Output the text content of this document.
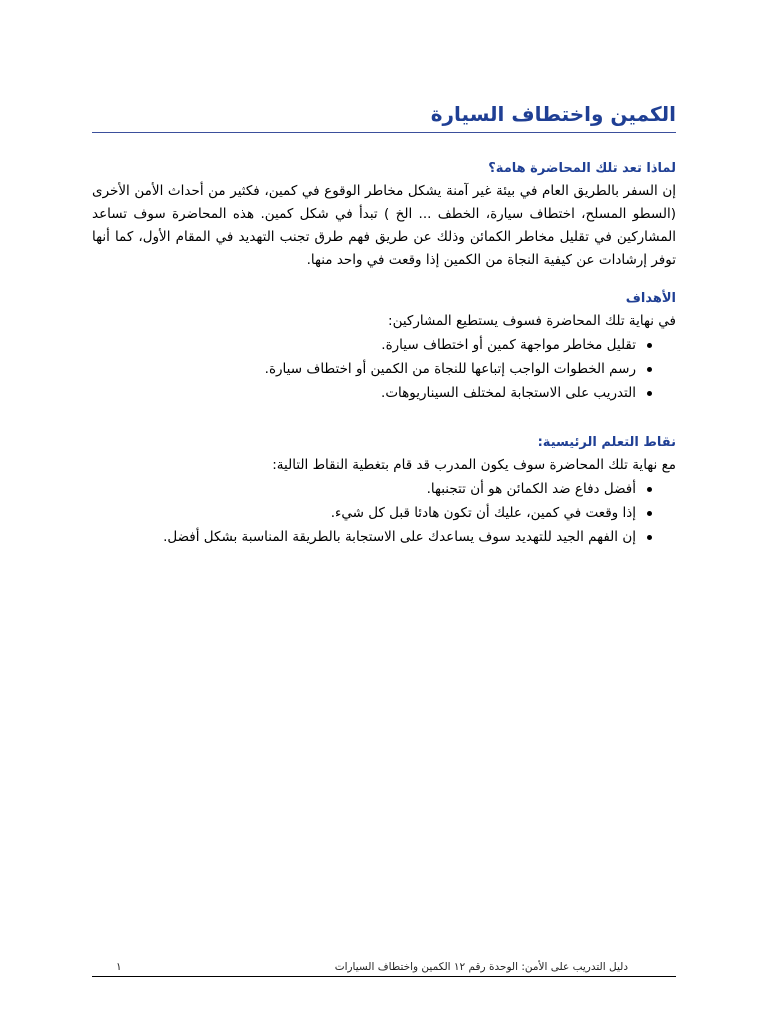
الكمين واختطاف السيارة

لماذا تعد تلك المحاضرة هامة؟

إن السفر بالطريق العام في بيئة غير آمنة يشكل مخاطر الوقوع في كمين، فكثير من أحداث الأمن الأخرى (السطو المسلح، اختطاف سيارة، الخطف ... الخ ) تبدأ في شكل كمين. هذه المحاضرة سوف تساعد المشاركين في تقليل مخاطر الكمائن وذلك عن طريق فهم طرق تجنب التهديد في المقام الأول، كما أنها توفر إرشادات عن كيفية النجاة من الكمين إذا وقعت في واحد منها.

الأهداف

في نهاية تلك المحاضرة فسوف يستطيع المشاركين:

تقليل مخاطر مواجهة كمين أو اختطاف سيارة.
رسم الخطوات الواجب إتباعها للنجاة من الكمين أو اختطاف سيارة.
التدريب على الاستجابة لمختلف السيناريوهات.

نقاط التعلم الرئيسية:

مع نهاية تلك المحاضرة سوف يكون المدرب قد قام بتغطية النقاط التالية:

أفضل دفاع ضد الكمائن هو أن تتجنبها.
إذا وقعت في كمين، عليك أن تكون هادئا قبل كل شيء.
إن الفهم الجيد للتهديد سوف يساعدك على الاستجابة بالطريقة المناسبة بشكل أفضل.
دليل التدريب على الأمن: الوحدة رقم ١٢ الكمين واختطاف السيارات
١
